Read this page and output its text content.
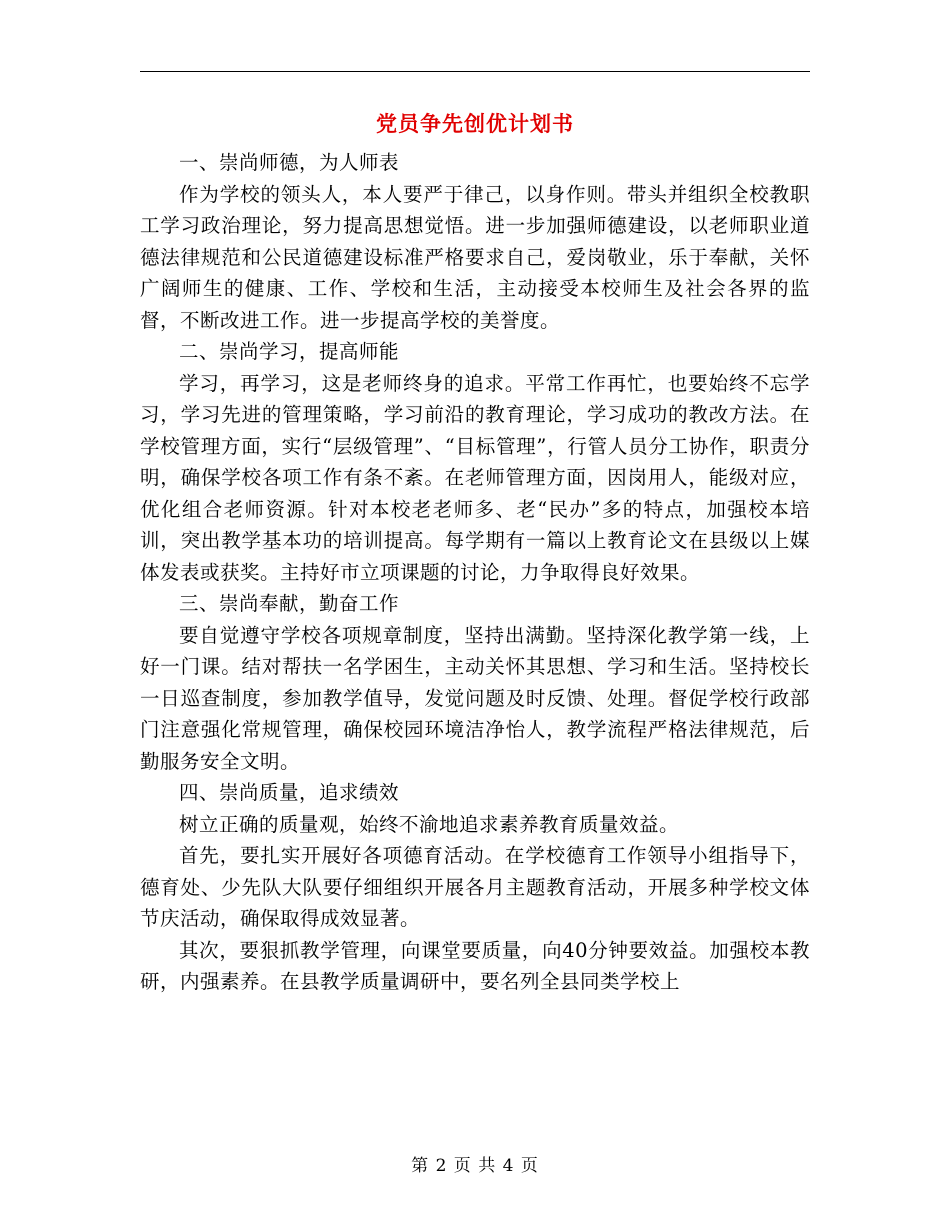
党员争先创优计划书

一、崇尚师德，为人师表

作为学校的领头人，本人要严于律己，以身作则。带头并组织全校教职工学习政治理论，努力提高思想觉悟。进一步加强师德建设，以老师职业道德法律规范和公民道德建设标准严格要求自己，爱岗敬业，乐于奉献，关怀广阔师生的健康、工作、学校和生活，主动接受本校师生及社会各界的监督，不断改进工作。进一步提高学校的美誉度。

二、崇尚学习，提高师能

学习，再学习，这是老师终身的追求。平常工作再忙，也要始终不忘学习，学习先进的管理策略，学习前沿的教育理论，学习成功的教改方法。在学校管理方面，实行“层级管理”、“目标管理”，行管人员分工协作，职责分明，确保学校各项工作有条不紊。在老师管理方面，因岗用人，能级对应，优化组合老师资源。针对本校老老师多、老“民办”多的特点，加强校本培训，突出教学基本功的培训提高。每学期有一篇以上教育论文在县级以上媒体发表或获奖。主持好市立项课题的讨论，力争取得良好效果。

三、崇尚奉献，勤奋工作

要自觉遵守学校各项规章制度，坚持出满勤。坚持深化教学第一线，上好一门课。结对帮扶一名学困生，主动关怀其思想、学习和生活。坚持校长一日巡查制度，参加教学值导，发觉问题及时反馈、处理。督促学校行政部门注意强化常规管理，确保校园环境洁净怡人，教学流程严格法律规范，后勤服务安全文明。

四、崇尚质量，追求绩效

树立正确的质量观，始终不渝地追求素养教育质量效益。

首先，要扎实开展好各项德育活动。在学校德育工作领导小组指导下，德育处、少先队大队要仔细组织开展各月主题教育活动，开展多种学校文体节庆活动，确保取得成效显著。

其次，要狠抓教学管理，向课堂要质量，向40分钟要效益。加强校本教研，内强素养。在县教学质量调研中，要名列全县同类学校上

第 2 页 共 4 页
